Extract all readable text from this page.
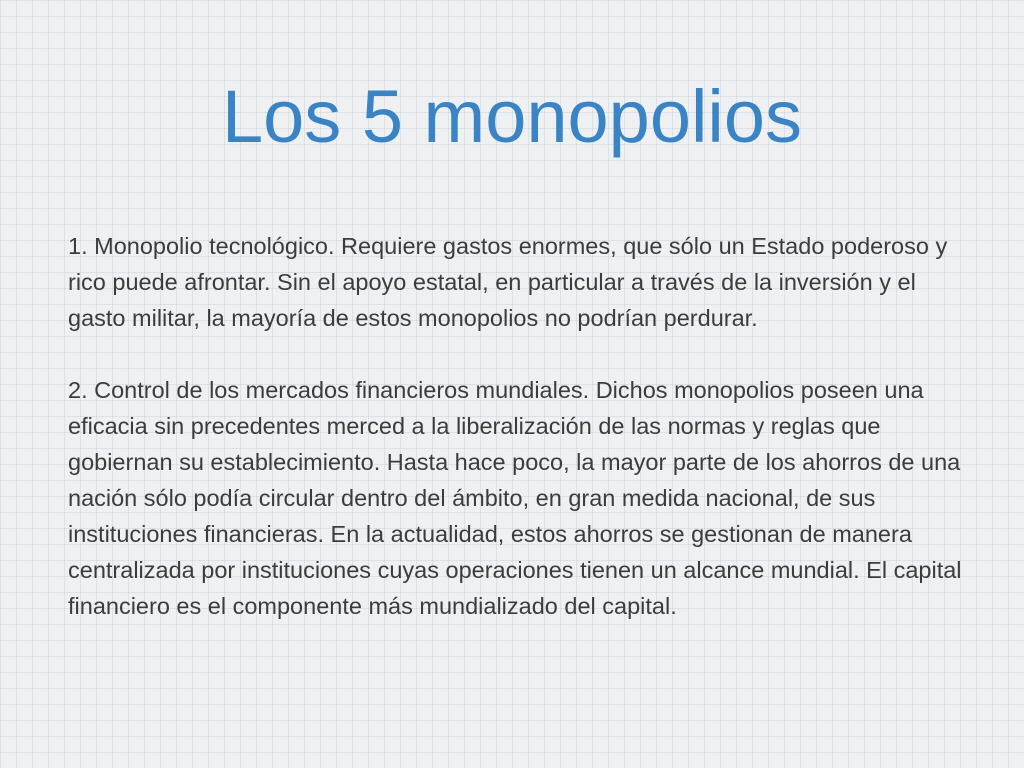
Los 5 monopolios

1. Monopolio tecnológico. Requiere gastos enormes, que sólo un Estado poderoso y rico puede afrontar. Sin el apoyo estatal, en particular a través de la inversión y el gasto militar, la mayoría de estos monopolios no podrían perdurar.

2. Control de los mercados financieros mundiales. Dichos monopolios poseen una eficacia sin precedentes merced a la liberalización de las normas y reglas que gobiernan su establecimiento. Hasta hace poco, la mayor parte de los ahorros de una nación sólo podía circular dentro del ámbito, en gran medida nacional, de sus instituciones financieras. En la actualidad, estos ahorros se gestionan de manera centralizada por instituciones cuyas operaciones tienen un alcance mundial. El capital financiero es el componente más mundializado del capital.
